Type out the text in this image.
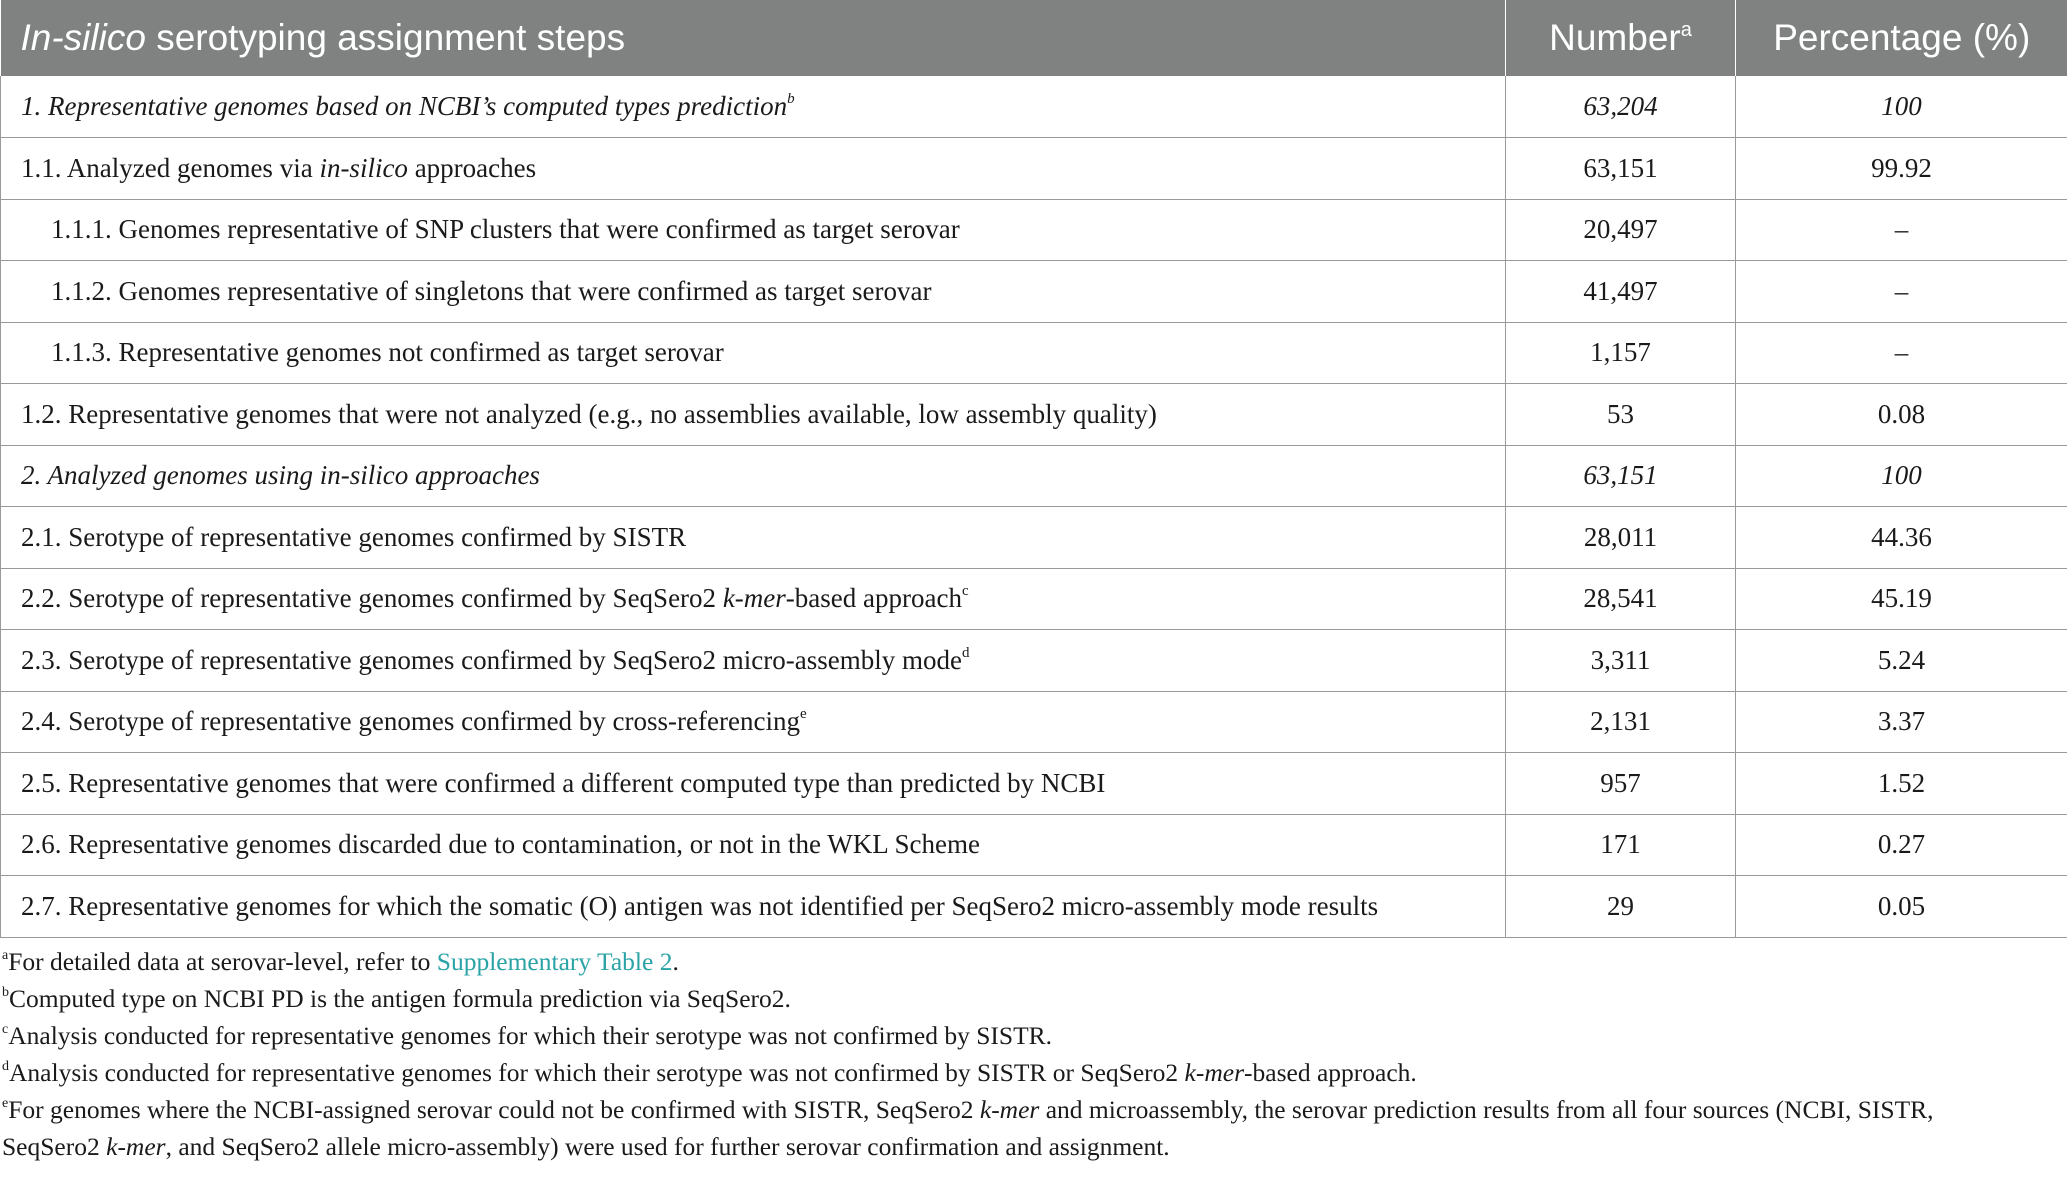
In-silico serotyping assignment steps	Number$^a$	Percentage (%)
1. Representative genomes based on NCBI’s computed types prediction$^b$	63,204	100
1.1. Analyzed genomes via in-silico approaches	63,151	99.92
1.1.1. Genomes representative of SNP clusters that were confirmed as target serovar	20,497	–
1.1.2. Genomes representative of singletons that were confirmed as target serovar	41,497	–
1.1.3. Representative genomes not confirmed as target serovar	1,157	–
1.2. Representative genomes that were not analyzed (e.g., no assemblies available, low assembly quality)	53	0.08
2. Analyzed genomes using in-silico approaches	63,151	100
2.1. Serotype of representative genomes confirmed by SISTR	28,011	44.36
2.2. Serotype of representative genomes confirmed by SeqSero2 k-mer-based approach$^c$	28,541	45.19
2.3. Serotype of representative genomes confirmed by SeqSero2 micro-assembly mode$^d$	3,311	5.24
2.4. Serotype of representative genomes confirmed by cross-referencing$^e$	2,131	3.37
2.5. Representative genomes that were confirmed a different computed type than predicted by NCBI	957	1.52
2.6. Representative genomes discarded due to contamination, or not in the WKL Scheme	171	0.27
2.7. Representative genomes for which the somatic (O) antigen was not identified per SeqSero2 micro-assembly mode results	29	0.05
$^a$For detailed data at serovar-level, refer to Supplementary Table 2.
$^b$Computed type on NCBI PD is the antigen formula prediction via SeqSero2.
$^c$Analysis conducted for representative genomes for which their serotype was not confirmed by SISTR.
$^d$Analysis conducted for representative genomes for which their serotype was not confirmed by SISTR or SeqSero2 k-mer-based approach.
$^e$For genomes where the NCBI-assigned serovar could not be confirmed with SISTR, SeqSero2 k-mer and microassembly, the serovar prediction results from all four sources (NCBI, SISTR,
SeqSero2 k-mer, and SeqSero2 allele micro-assembly) were used for further serovar confirmation and assignment.
